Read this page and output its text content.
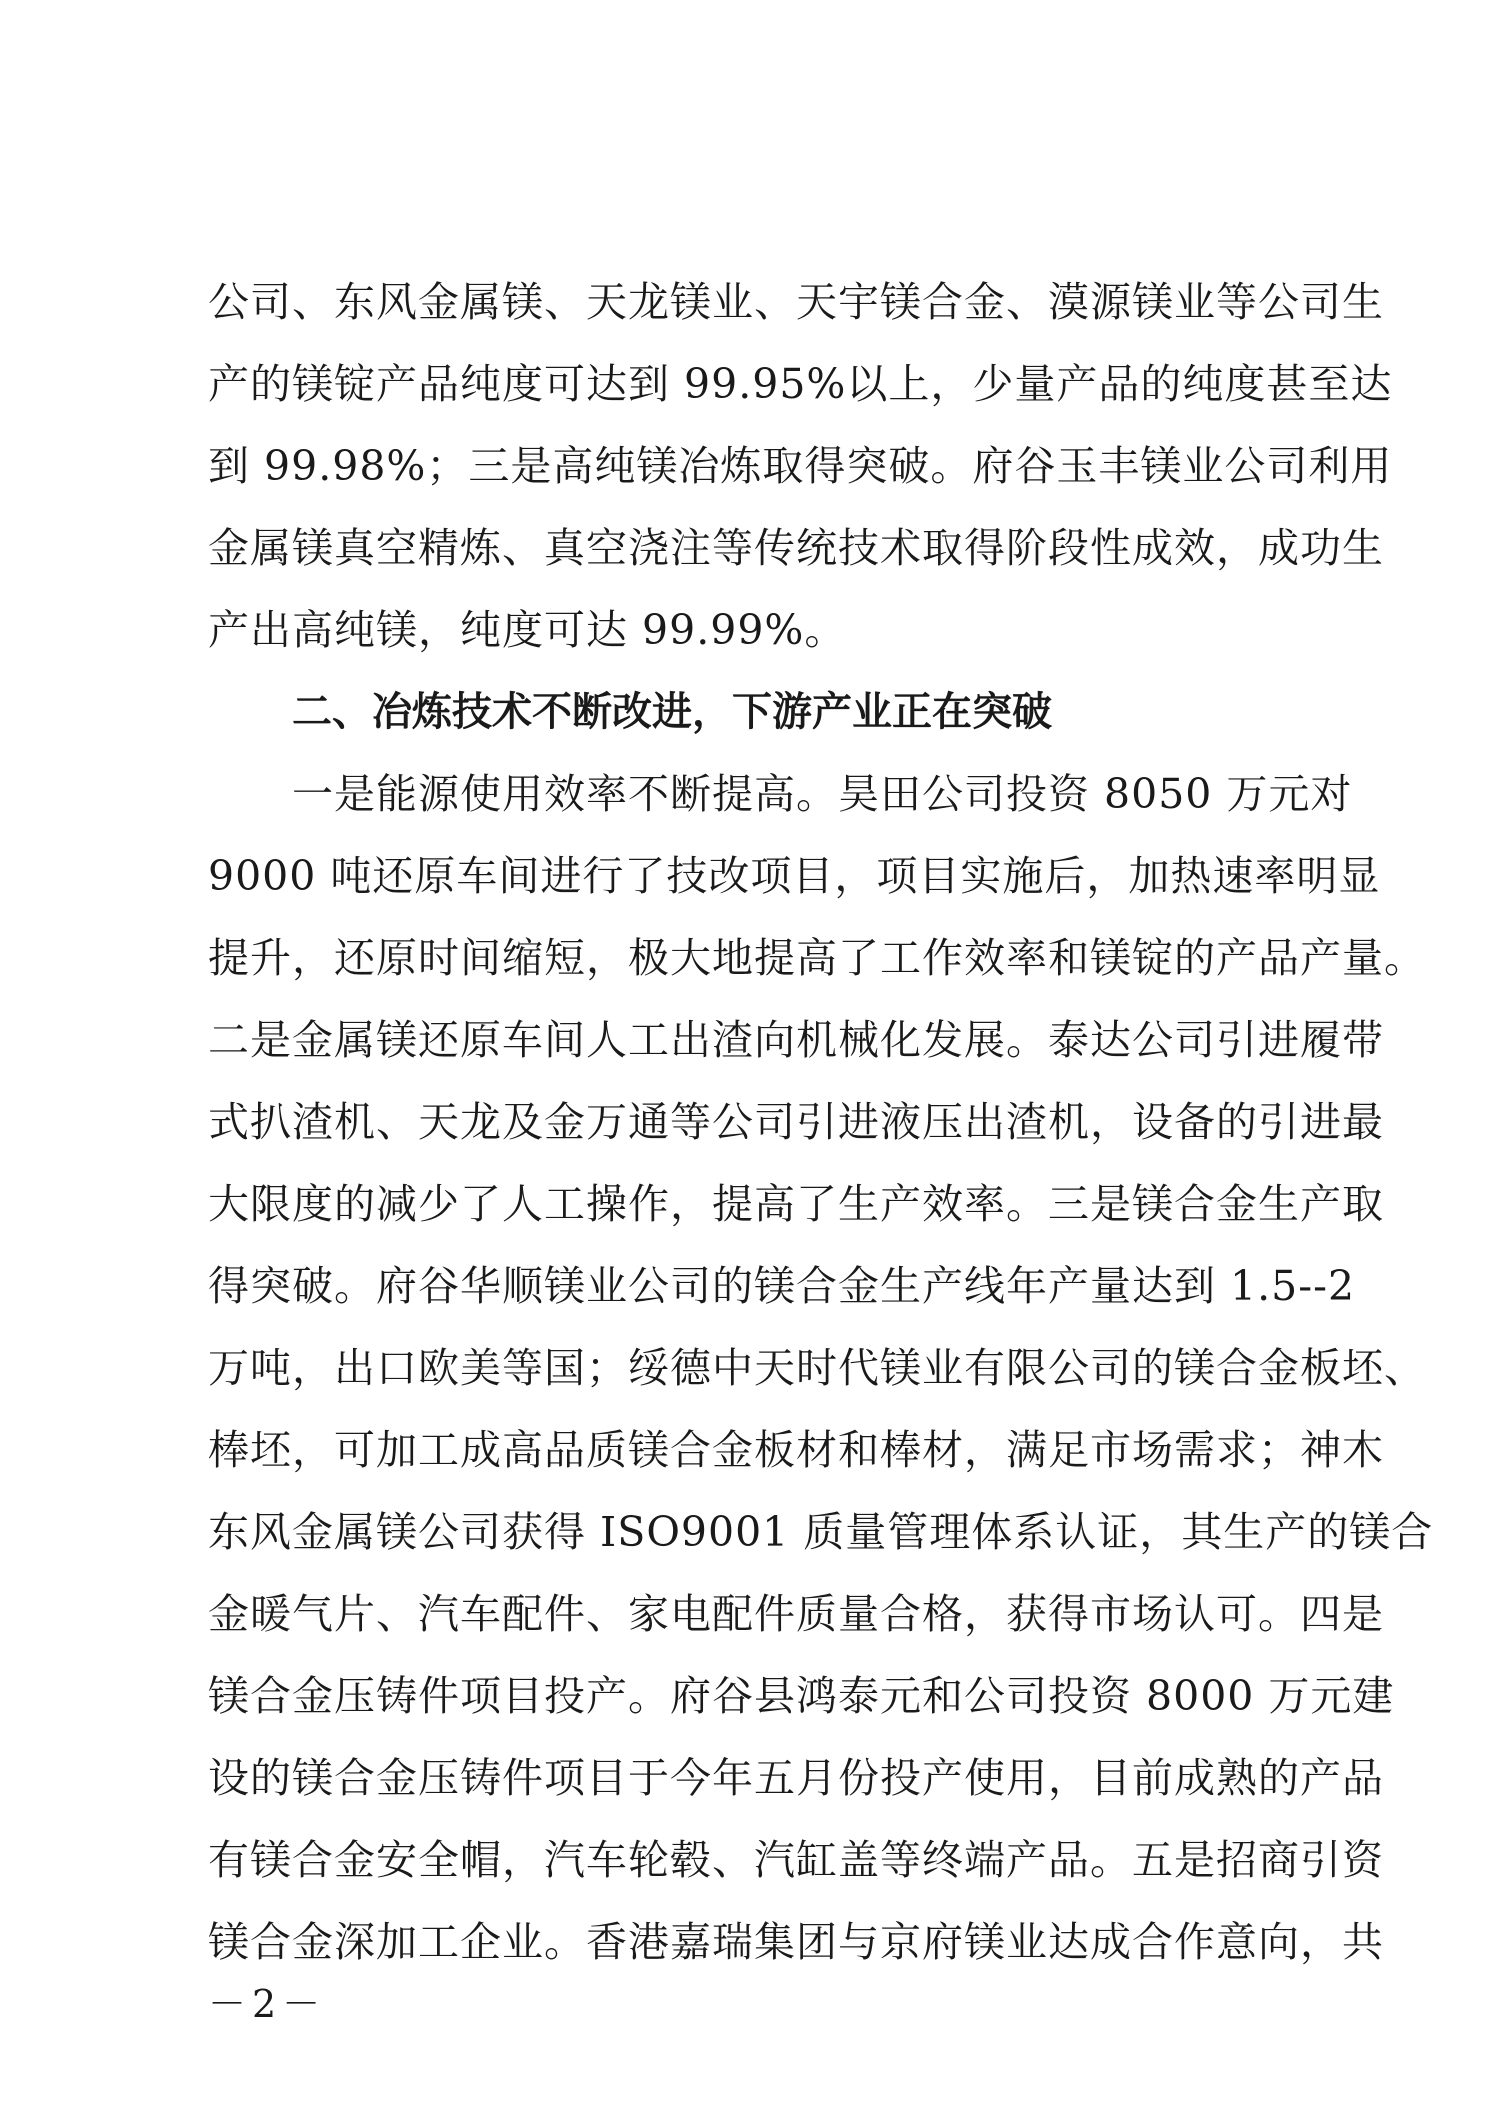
公司、东风金属镁、天龙镁业、天宇镁合金、漠源镁业等公司生
产的镁锭产品纯度可达到 99.95%以上，少量产品的纯度甚至达
到 99.98%；三是高纯镁冶炼取得突破。府谷玉丰镁业公司利用
金属镁真空精炼、真空浇注等传统技术取得阶段性成效，成功生
产出高纯镁，纯度可达 99.99%。
二、冶炼技术不断改进，下游产业正在突破
一是能源使用效率不断提高。昊田公司投资 8050 万元对
9000 吨还原车间进行了技改项目，项目实施后，加热速率明显
提升，还原时间缩短，极大地提高了工作效率和镁锭的产品产量。
二是金属镁还原车间人工出渣向机械化发展。泰达公司引进履带
式扒渣机、天龙及金万通等公司引进液压出渣机，设备的引进最
大限度的减少了人工操作，提高了生产效率。三是镁合金生产取
得突破。府谷华顺镁业公司的镁合金生产线年产量达到 1.5--2
万吨，出口欧美等国；绥德中天时代镁业有限公司的镁合金板坯、
棒坯，可加工成高品质镁合金板材和棒材，满足市场需求；神木
东风金属镁公司获得 ISO9001 质量管理体系认证，其生产的镁合
金暖气片、汽车配件、家电配件质量合格，获得市场认可。四是
镁合金压铸件项目投产。府谷县鸿泰元和公司投资 8000 万元建
设的镁合金压铸件项目于今年五月份投产使用，目前成熟的产品
有镁合金安全帽，汽车轮毂、汽缸盖等终端产品。五是招商引资
镁合金深加工企业。香港嘉瑞集团与京府镁业达成合作意向，共
－2－
